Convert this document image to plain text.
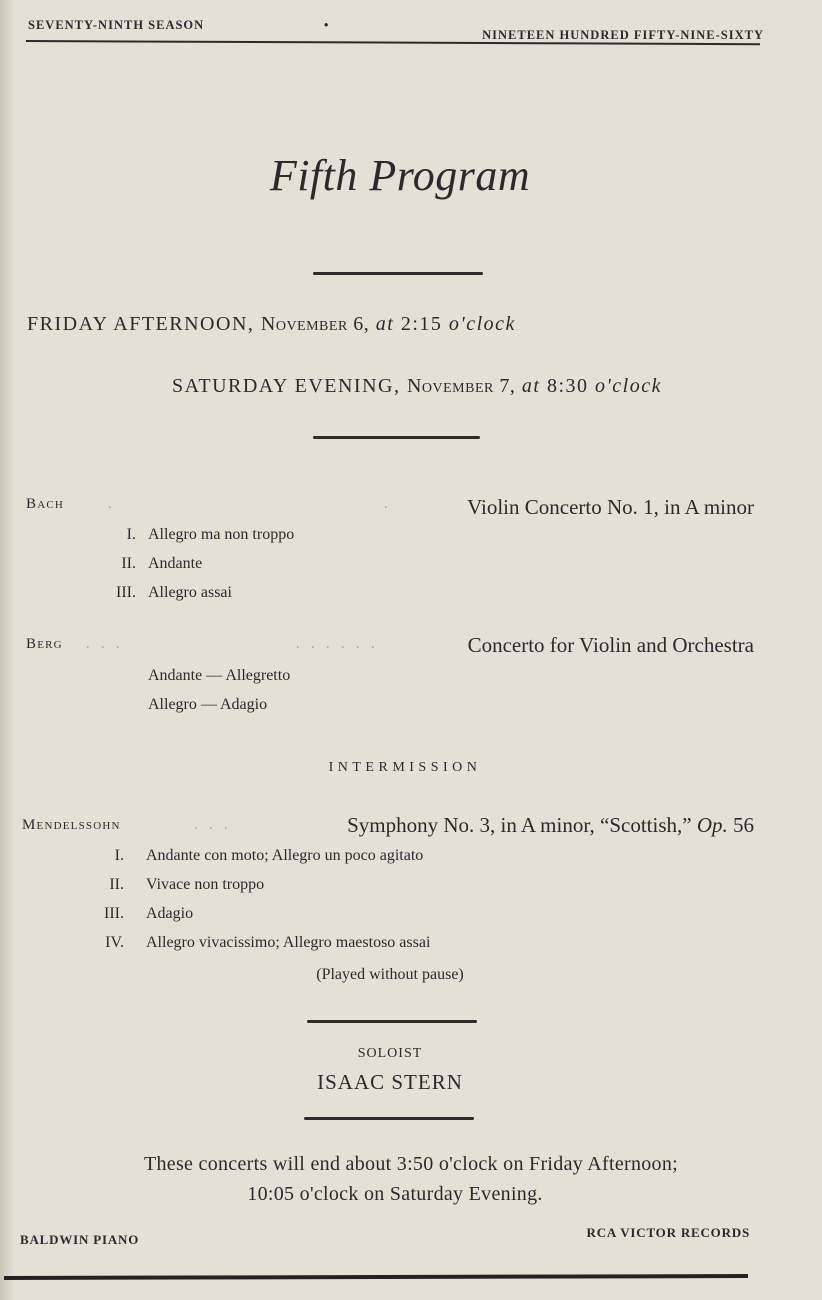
SEVENTY-NINTH SEASON	•
NINETEEN HUNDRED FIFTY-NINE-SIXTY
Fifth Program
FRIDAY AFTERNOON, November 6, at 2:15 o'clock
SATURDAY EVENING, November 7, at 8:30 o'clock
Bach	.	.	Violin Concerto No. 1, in A minor
I. Allegro ma non troppo
II. Andante
III. Allegro assai
Berg . . .	. . . . . .	Concerto for Violin and Orchestra
Andante — Allegretto
Allegro — Adagio
INTERMISSION
Mendelssohn	. . .	Symphony No. 3, in A minor, “Scottish,” Op. 56
I. Andante con moto; Allegro un poco agitato
II. Vivace non troppo
III. Adagio
IV. Allegro vivacissimo; Allegro maestoso assai
(Played without pause)
SOLOIST
ISAAC STERN
These concerts will end about 3:50 o'clock on Friday Afternoon;
10:05 o'clock on Saturday Evening.
BALDWIN PIANO	RCA VICTOR RECORDS
